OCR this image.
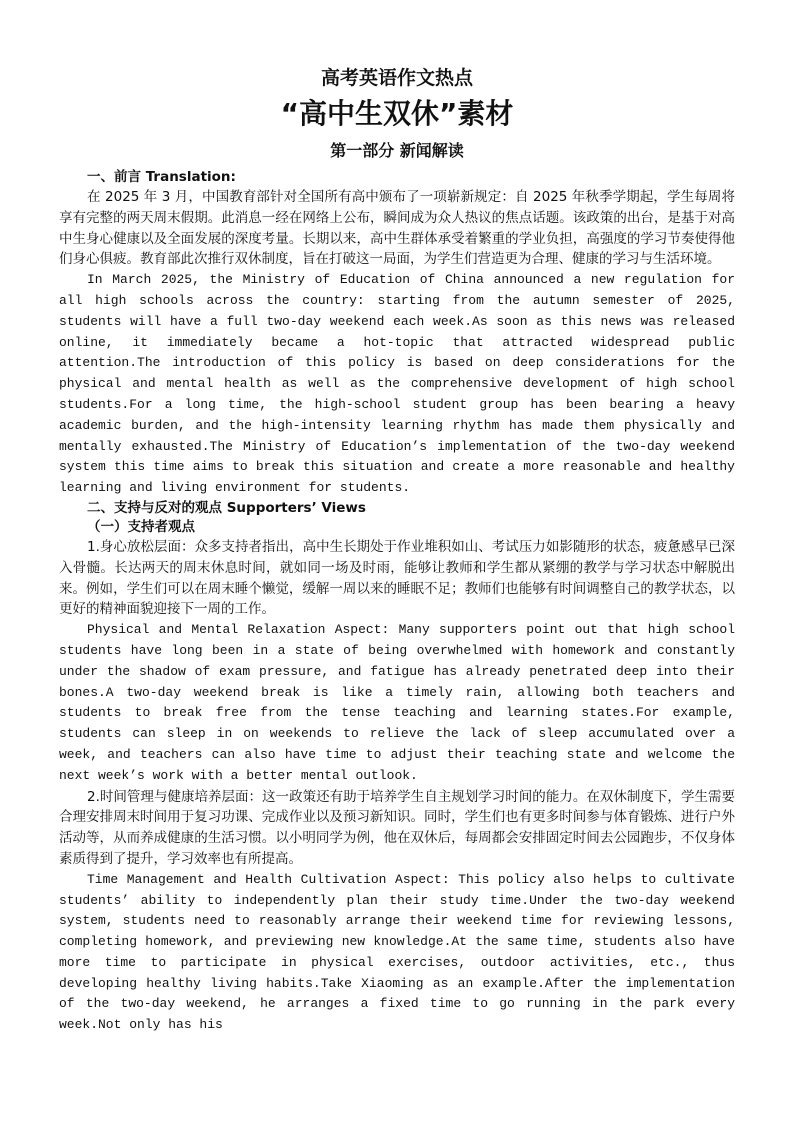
高考英语作文热点
“高中生双休”素材
第一部分 新闻解读
一、前言 Translation:

在 2025 年 3 月，中国教育部针对全国所有高中颁布了一项崭新规定：自 2025 年秋季学期起，学生每周将享有完整的两天周末假期。此消息一经在网络上公布，瞬间成为众人热议的焦点话题。该政策的出台，是基于对高中生身心健康以及全面发展的深度考量。长期以来，高中生群体承受着繁重的学业负担，高强度的学习节奏使得他们身心俱疲。教育部此次推行双休制度，旨在打破这一局面，为学生们营造更为合理、健康的学习与生活环境。

In March 2025, the Ministry of Education of China announced a new regulation for all high schools across the country: starting from the autumn semester of 2025, students will have a full two-day weekend each week.As soon as this news was released online, it immediately became a hot-topic that attracted widespread public attention.The introduction of this policy is based on deep considerations for the physical and mental health as well as the comprehensive development of high school students.For a long time, the high-school student group has been bearing a heavy academic burden, and the high-intensity learning rhythm has made them physically and mentally exhausted.The Ministry of Education’s implementation of the two-day weekend system this time aims to break this situation and create a more reasonable and healthy learning and living environment for students.

二、支持与反对的观点 Supporters’ Views
（一）支持者观点

1.身心放松层面：众多支持者指出，高中生长期处于作业堆积如山、考试压力如影随形的状态，疲惫感早已深入骨髓。长达两天的周末休息时间，就如同一场及时雨，能够让教师和学生都从紧绷的教学与学习状态中解脱出来。例如，学生们可以在周末睡个懒觉，缓解一周以来的睡眠不足；教师们也能够有时间调整自己的教学状态，以更好的精神面貌迎接下一周的工作。

Physical and Mental Relaxation Aspect: Many supporters point out that high school students have long been in a state of being overwhelmed with homework and constantly under the shadow of exam pressure, and fatigue has already penetrated deep into their bones.A two-day weekend break is like a timely rain, allowing both teachers and students to break free from the tense teaching and learning states.For example, students can sleep in on weekends to relieve the lack of sleep accumulated over a week, and teachers can also have time to adjust their teaching state and welcome the next week’s work with a better mental outlook.

2.时间管理与健康培养层面：这一政策还有助于培养学生自主规划学习时间的能力。在双休制度下，学生需要合理安排周末时间用于复习功课、完成作业以及预习新知识。同时，学生们也有更多时间参与体育锻炼、进行户外活动等，从而养成健康的生活习惯。以小明同学为例，他在双休后，每周都会安排固定时间去公园跑步，不仅身体素质得到了提升，学习效率也有所提高。

Time Management and Health Cultivation Aspect: This policy also helps to cultivate students’ ability to independently plan their study time.Under the two-day weekend system, students need to reasonably arrange their weekend time for reviewing lessons, completing homework, and previewing new knowledge.At the same time, students also have more time to participate in physical exercises, outdoor activities, etc., thus developing healthy living habits.Take Xiaoming as an example.After the implementation of the two-day weekend, he arranges a fixed time to go running in the park every week.Not only has his
